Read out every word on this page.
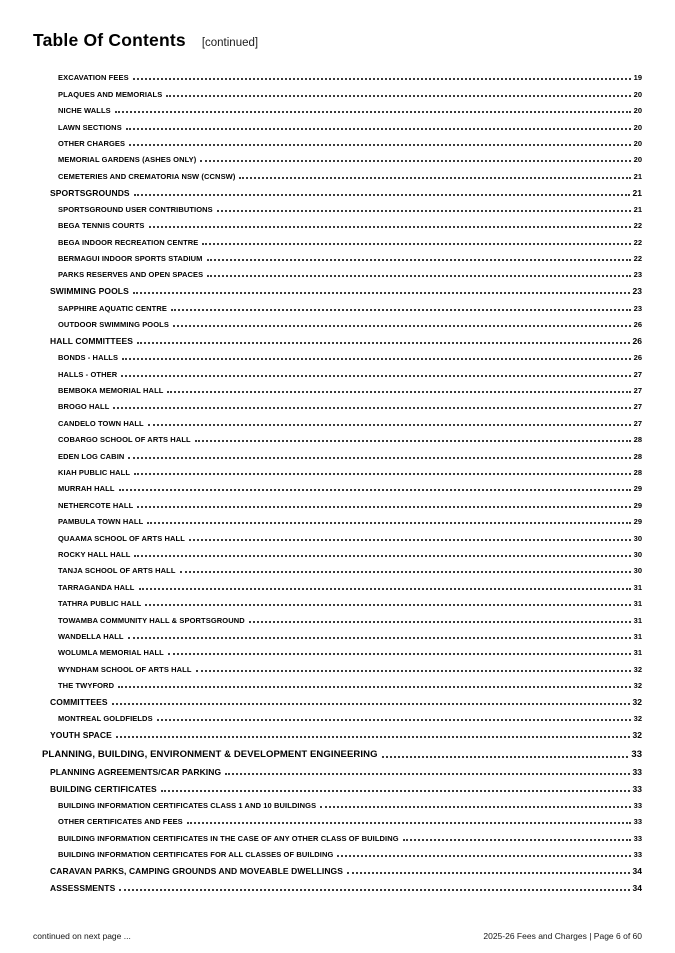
Table Of Contents [continued]
EXCAVATION FEES	19
PLAQUES AND MEMORIALS	20
NICHE WALLS	20
LAWN SECTIONS	20
OTHER CHARGES	20
MEMORIAL GARDENS (ASHES ONLY)	20
CEMETERIES AND CREMATORIA NSW (CCNSW)	21
SPORTSGROUNDS	21
SPORTSGROUND USER CONTRIBUTIONS	21
BEGA TENNIS COURTS	22
BEGA INDOOR RECREATION CENTRE	22
BERMAGUI INDOOR SPORTS STADIUM	22
PARKS RESERVES AND OPEN SPACES	23
SWIMMING POOLS	23
SAPPHIRE AQUATIC CENTRE	23
OUTDOOR SWIMMING POOLS	26
HALL COMMITTEES	26
BONDS - HALLS	26
HALLS - OTHER	27
BEMBOKA MEMORIAL HALL	27
BROGO HALL	27
CANDELO TOWN HALL	27
COBARGO SCHOOL OF ARTS HALL	28
EDEN LOG CABIN	28
KIAH PUBLIC HALL	28
MURRAH HALL	29
NETHERCOTE HALL	29
PAMBULA TOWN HALL	29
QUAAMA SCHOOL OF ARTS HALL	30
ROCKY HALL HALL	30
TANJA SCHOOL OF ARTS HALL	30
TARRAGANDA HALL	31
TATHRA PUBLIC HALL	31
TOWAMBA COMMUNITY HALL & SPORTSGROUND	31
WANDELLA HALL	31
WOLUMLA MEMORIAL HALL	31
WYNDHAM SCHOOL OF ARTS HALL	32
THE TWYFORD	32
COMMITTEES	32
MONTREAL GOLDFIELDS	32
YOUTH SPACE	32
PLANNING, BUILDING, ENVIRONMENT & DEVELOPMENT ENGINEERING	33
PLANNING AGREEMENTS/CAR PARKING	33
BUILDING CERTIFICATES	33
BUILDING INFORMATION CERTIFICATES CLASS 1 AND 10 BUILDINGS	33
OTHER CERTIFICATES AND FEES	33
BUILDING INFORMATION CERTIFICATES IN THE CASE OF ANY OTHER CLASS OF BUILDING	33
BUILDING INFORMATION CERTIFICATES FOR ALL CLASSES OF BUILDING	33
CARAVAN PARKS, CAMPING GROUNDS AND MOVEABLE DWELLINGS	34
ASSESSMENTS	34
continued on next page ...	2025-26 Fees and Charges | Page 6 of 60
